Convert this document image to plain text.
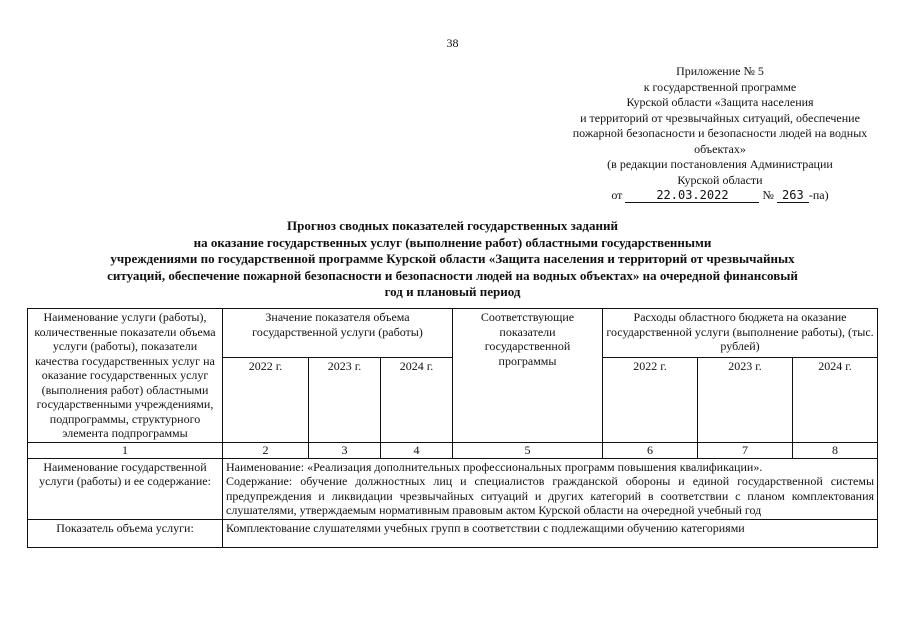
38
Приложение № 5
к государственной программе
Курской области «Защита населения
и территорий от чрезвычайных ситуаций, обеспечение
пожарной безопасности и безопасности людей на водных
объектах»
(в редакции постановления Администрации
Курской области
от	22.03.2022	№ 263 -па)
Прогноз сводных показателей государственных заданий
на оказание государственных услуг (выполнение работ) областными государственными
учреждениями по государственной программе Курской области «Защита населения и территорий от чрезвычайных
ситуаций, обеспечение пожарной безопасности и безопасности людей на водных объектах» на очередной финансовый
год и плановый период
Наименование услуги (работы), количественные показатели объема услуги (работы), показатели качества государственных услуг на оказание государственных услуг (выполнения работ) областными государственными учреждениями, подпрограммы, структурного элемента подпрограммы	Значение показателя объема государственной услуги (работы)			Соответствующие показатели государственной программы	Расходы областного бюджета на оказание государственной услуги (выполнение работы), (тыс. рублей)		
	2022 г.	2023 г.	2024 г.		2022 г.	2023 г.	2024 г.
1	2	3	4	5	6	7	8
Наименование государственной услуги (работы) и ее содержание:	Наименование: «Реализация дополнительных профессиональных программ повышения квалификации».
Содержание: обучение должностных лиц и специалистов гражданской обороны и единой государственной системы предупреждения и ликвидации чрезвычайных ситуаций и других категорий в соответствии с планом комплектования слушателями, утверждаемым нормативным правовым актом Курской области на очередной учебный год						

Показатель объема услуги:	Комплектование слушателями учебных групп в соответствии с подлежащими обучению категориями						
